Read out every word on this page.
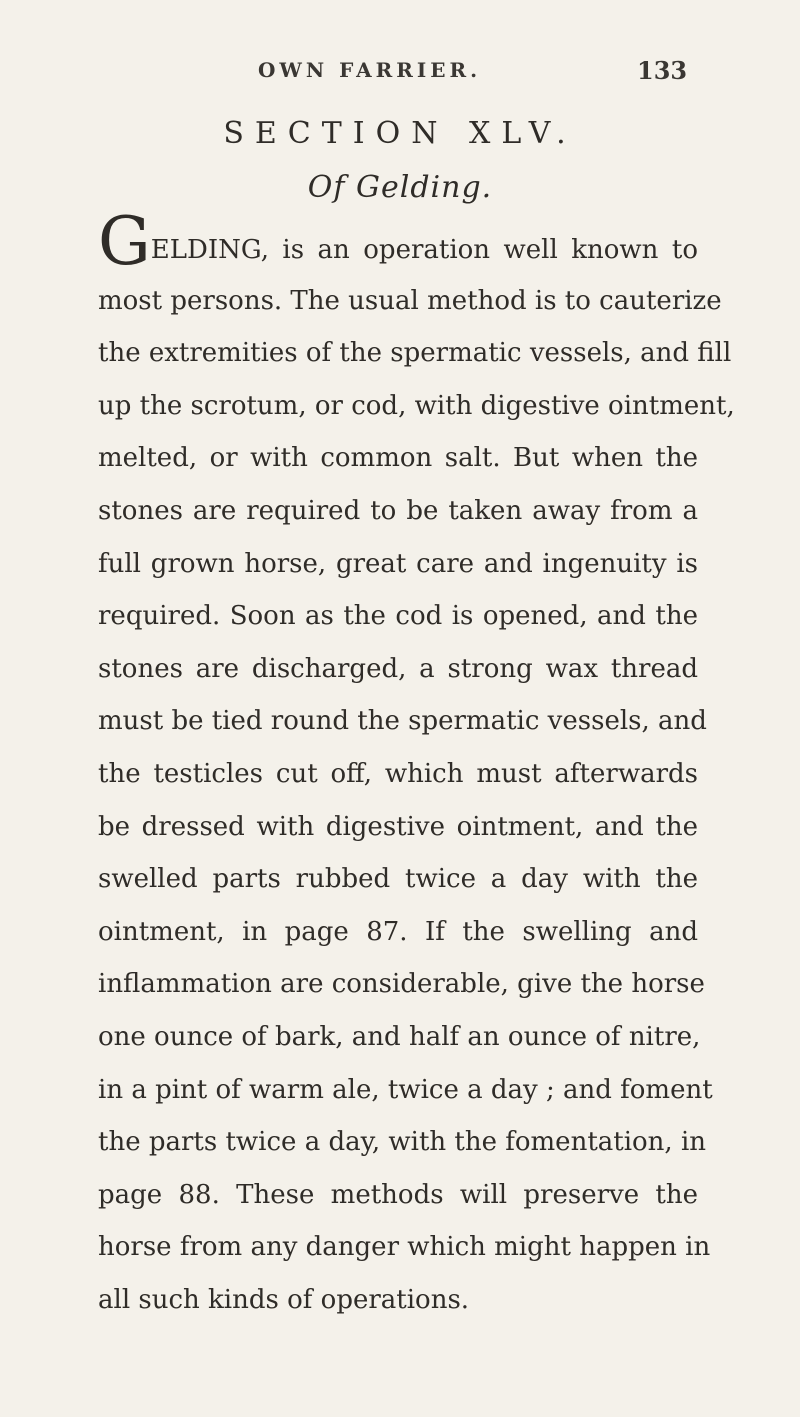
OWN FARRIER.	133
SECTION XLV.
Of Gelding.
GELDING, is an operation well known to
most persons. The usual method is to cauterize
the extremities of the spermatic vessels, and fill
up the scrotum, or cod, with digestive ointment,
melted, or with common salt. But when the
stones are required to be taken away from a
full grown horse, great care and ingenuity is
required. Soon as the cod is opened, and the
stones are discharged, a strong wax thread
must be tied round the spermatic vessels, and
the testicles cut off, which must afterwards
be dressed with digestive ointment, and the
swelled parts rubbed twice a day with the
ointment, in page 87. If the swelling and
inflammation are considerable, give the horse
one ounce of bark, and half an ounce of nitre,
in a pint of warm ale, twice a day ; and foment
the parts twice a day, with the fomentation, in
page 88. These methods will preserve the
horse from any danger which might happen in
all such kinds of operations.
